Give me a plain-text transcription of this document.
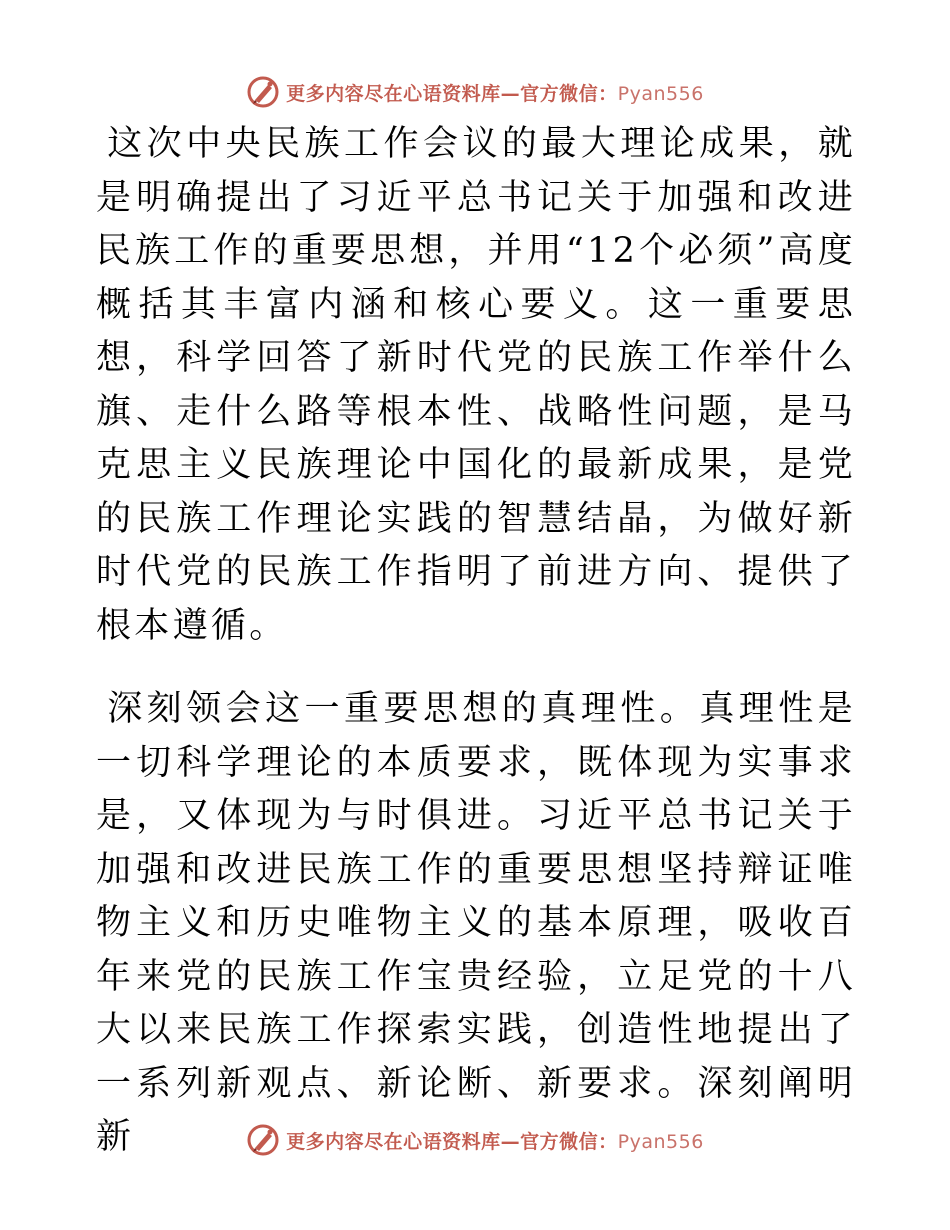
更多内容尽在心语资料库—官方微信：Pyan556

这次中央民族工作会议的最大理论成果，就是明确提出了习近平总书记关于加强和改进民族工作的重要思想，并用“12个必须”高度概括其丰富内涵和核心要义。这一重要思想，科学回答了新时代党的民族工作举什么旗、走什么路等根本性、战略性问题，是马克思主义民族理论中国化的最新成果，是党的民族工作理论实践的智慧结晶，为做好新时代党的民族工作指明了前进方向、提供了根本遵循。

深刻领会这一重要思想的真理性。真理性是一切科学理论的本质要求，既体现为实事求是，又体现为与时俱进。习近平总书记关于加强和改进民族工作的重要思想坚持辩证唯物主义和历史唯物主义的基本原理，吸收百年来党的民族工作宝贵经验，立足党的十八大以来民族工作探索实践，创造性地提出了一系列新观点、新论断、新要求。深刻阐明新	更多内容尽在心语资料库—官方微信：Pyan556
